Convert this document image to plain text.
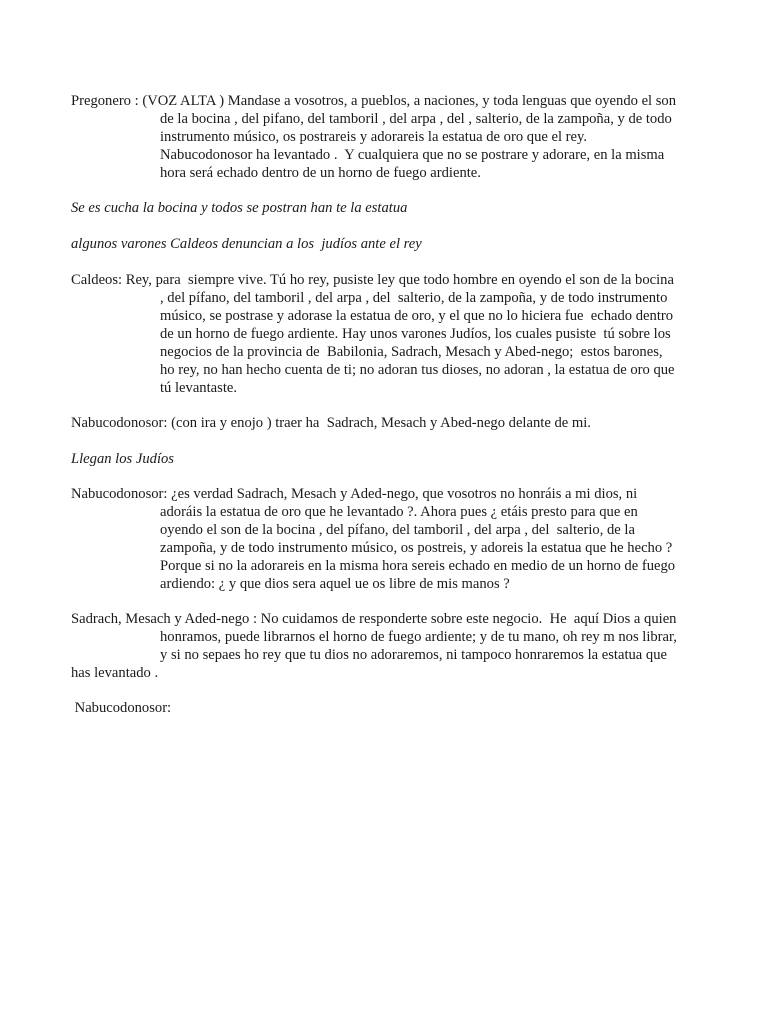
Pregonero : (VOZ ALTA ) Mandase a vosotros, a pueblos, a naciones, y toda lenguas que oyendo el son
de la bocina , del pifano, del tamboril , del arpa , del , salterio, de la zampoña, y de todo
instrumento músico, os postrareis y adorareis la estatua de oro que el rey.
Nabucodonosor ha levantado .  Y cualquiera que no se postrare y adorare, en la misma
hora será echado dentro de un horno de fuego ardiente.
Se es cucha la bocina y todos se postran han te la estatua
algunos varones Caldeos denuncian a los  judíos ante el rey
Caldeos: Rey, para  siempre vive. Tú ho rey, pusiste ley que todo hombre en oyendo el son de la bocina
, del pífano, del tamboril , del arpa , del  salterio, de la zampoña, y de todo instrumento
músico, se postrase y adorase la estatua de oro, y el que no lo hiciera fue  echado dentro
de un horno de fuego ardiente. Hay unos varones Judíos, los cuales pusiste  tú sobre los
negocios de la provincia de  Babilonia, Sadrach, Mesach y Abed-nego;  estos barones,
ho rey, no han hecho cuenta de ti; no adoran tus dioses, no adoran , la estatua de oro que
tú levantaste.
Nabucodonosor: (con ira y enojo ) traer ha  Sadrach, Mesach y Abed-nego delante de mi.
Llegan los Judíos
Nabucodonosor: ¿es verdad Sadrach, Mesach y Aded-nego, que vosotros no honráis a mi dios, ni
adoráis la estatua de oro que he levantado ?. Ahora pues ¿ etáis presto para que en
oyendo el son de la bocina , del pífano, del tamboril , del arpa , del  salterio, de la
zampoña, y de todo instrumento músico, os postreis, y adoreis la estatua que he hecho ?
Porque si no la adorareis en la misma hora sereis echado en medio de un horno de fuego
ardiendo: ¿ y que dios sera aquel ue os libre de mis manos ?
Sadrach, Mesach y Aded-nego : No cuidamos de responderte sobre este negocio.  He  aquí Dios a quien
honramos, puede librarnos el horno de fuego ardiente; y de tu mano, oh rey m nos librar,
y si no sepaes ho rey que tu dios no adoraremos, ni tampoco honraremos la estatua que
has levantado .
Nabucodonosor:
